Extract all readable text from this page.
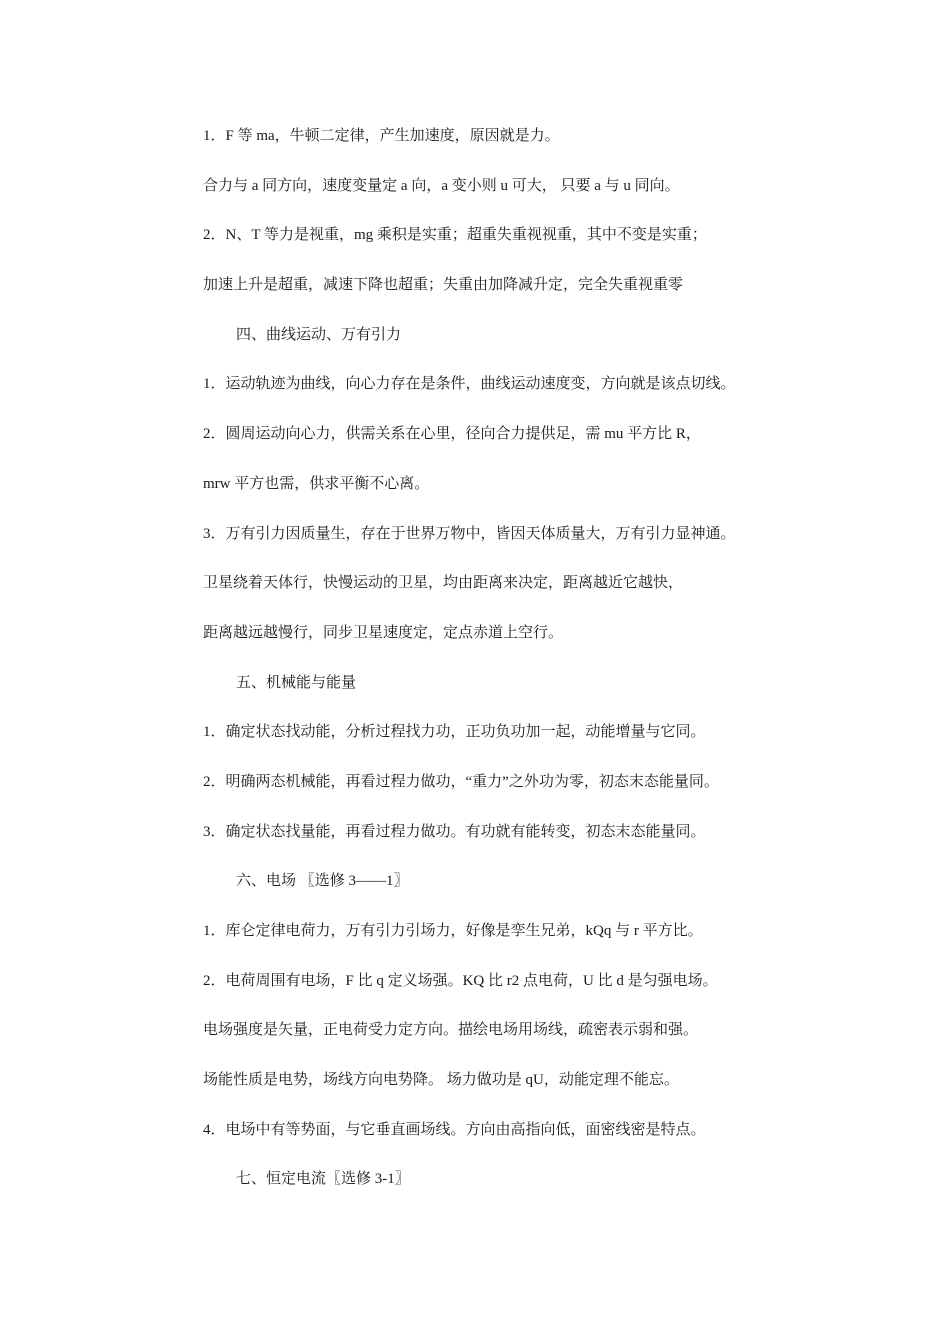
1．F 等 ma，牛顿二定律，产生加速度，原因就是力。
合力与 a 同方向，速度变量定 a 向，a 变小则 u 可大， 只要 a 与 u 同向。
2．N、T 等力是视重，mg 乘积是实重；超重失重视视重，其中不变是实重；
加速上升是超重，减速下降也超重；失重由加降减升定，完全失重视重零
四、曲线运动、万有引力
1．运动轨迹为曲线，向心力存在是条件，曲线运动速度变，方向就是该点切线。
2．圆周运动向心力，供需关系在心里，径向合力提供足，需 mu 平方比 R，
mrw 平方也需，供求平衡不心离。
3．万有引力因质量生，存在于世界万物中，皆因天体质量大，万有引力显神通。
卫星绕着天体行，快慢运动的卫星，均由距离来决定，距离越近它越快，
距离越远越慢行，同步卫星速度定，定点赤道上空行。
五、机械能与能量
1．确定状态找动能，分析过程找力功，正功负功加一起，动能增量与它同。
2．明确两态机械能，再看过程力做功，“重力”之外功为零，初态末态能量同。
3．确定状态找量能，再看过程力做功。有功就有能转变，初态末态能量同。
六、电场 〖选修 3——1〗
1．库仑定律电荷力，万有引力引场力，好像是孪生兄弟，kQq 与 r 平方比。
2．电荷周围有电场，F 比 q 定义场强。KQ 比 r2 点电荷，U 比 d 是匀强电场。
电场强度是矢量，正电荷受力定方向。描绘电场用场线，疏密表示弱和强。
场能性质是电势，场线方向电势降。 场力做功是 qU，动能定理不能忘。
4．电场中有等势面，与它垂直画场线。方向由高指向低，面密线密是特点。
七、恒定电流〖选修 3-1〗
